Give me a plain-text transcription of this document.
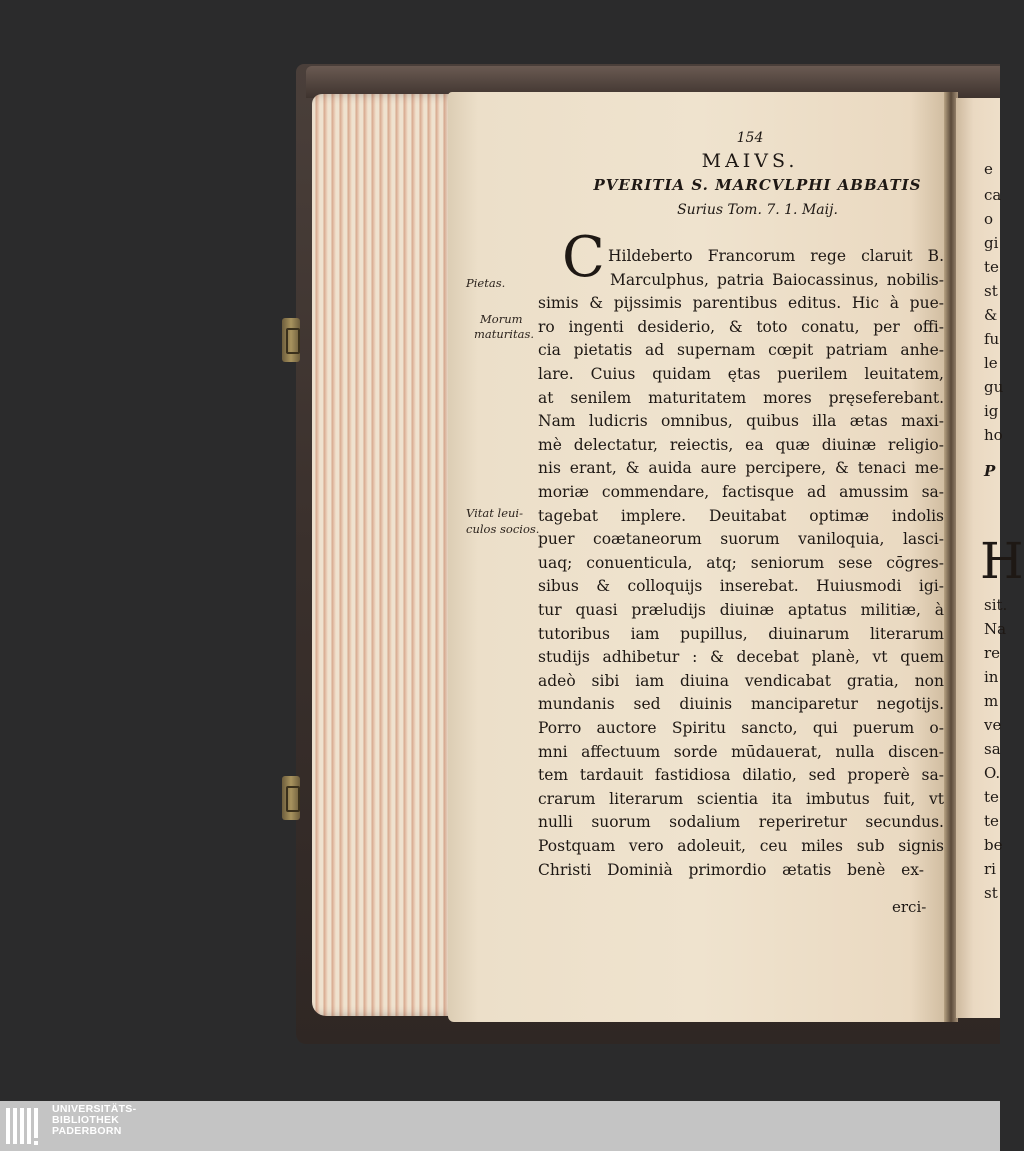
154
MAIVS.
PVERITIA S. MARCVLPHI ABBATIS
Surius Tom. 7. 1. Maij.
C
Pietas.
Morum
maturitas.
Vitat leui-
culos socios.
Hildeberto Francorum rege claruit B.
Marculphus, patria Baiocassinus, nobilis-
simis & pijssimis parentibus editus. Hic à pue-
ro ingenti desiderio, & toto conatu, per offi-
cia pietatis ad supernam cœpit patriam anhe-
lare. Cuius quidam ętas puerilem leuitatem,
at senilem maturitatem mores pręseferebant.
Nam ludicris omnibus, quibus illa ætas maxi-
mè delectatur, reiectis, ea quæ diuinæ religio-
nis erant, & auida aure percipere, & tenaci me-
moriæ commendare, factisque ad amussim sa-
tagebat implere. Deuitabat optimæ indolis
puer coætaneorum suorum vaniloquia, lasci-
uaq; conuenticula, atq; seniorum sese cōgres-
sibus & colloquijs inserebat. Huiusmodi igi-
tur quasi præludijs diuinæ aptatus militiæ, à
tutoribus iam pupillus, diuinarum literarum
studijs adhibetur : & decebat planè, vt quem
adeò sibi iam diuina vendicabat gratia, non
mundanis sed diuinis manciparetur negotijs.
Porro auctore Spiritu sancto, qui puerum o-
mni affectuum sorde mūdauerat, nulla discen-
tem tardauit fastidiosa dilatio, sed properè sa-
crarum literarum scientia ita imbutus fuit, vt
nulli suorum sodalium reperiretur secundus.
Postquam vero adoleuit, ceu miles sub signis
Christi Dominià primordio ætatis benè ex-
erci-
e
ca
o
gi
te
st
&
fu
le
gu
ig
ho
P
H
sit.
Na
re
in
m
ve
sa
O.
te
te
be
ri
st
UNIVERSITÄTS-
BIBLIOTHEK
PADERBORN
